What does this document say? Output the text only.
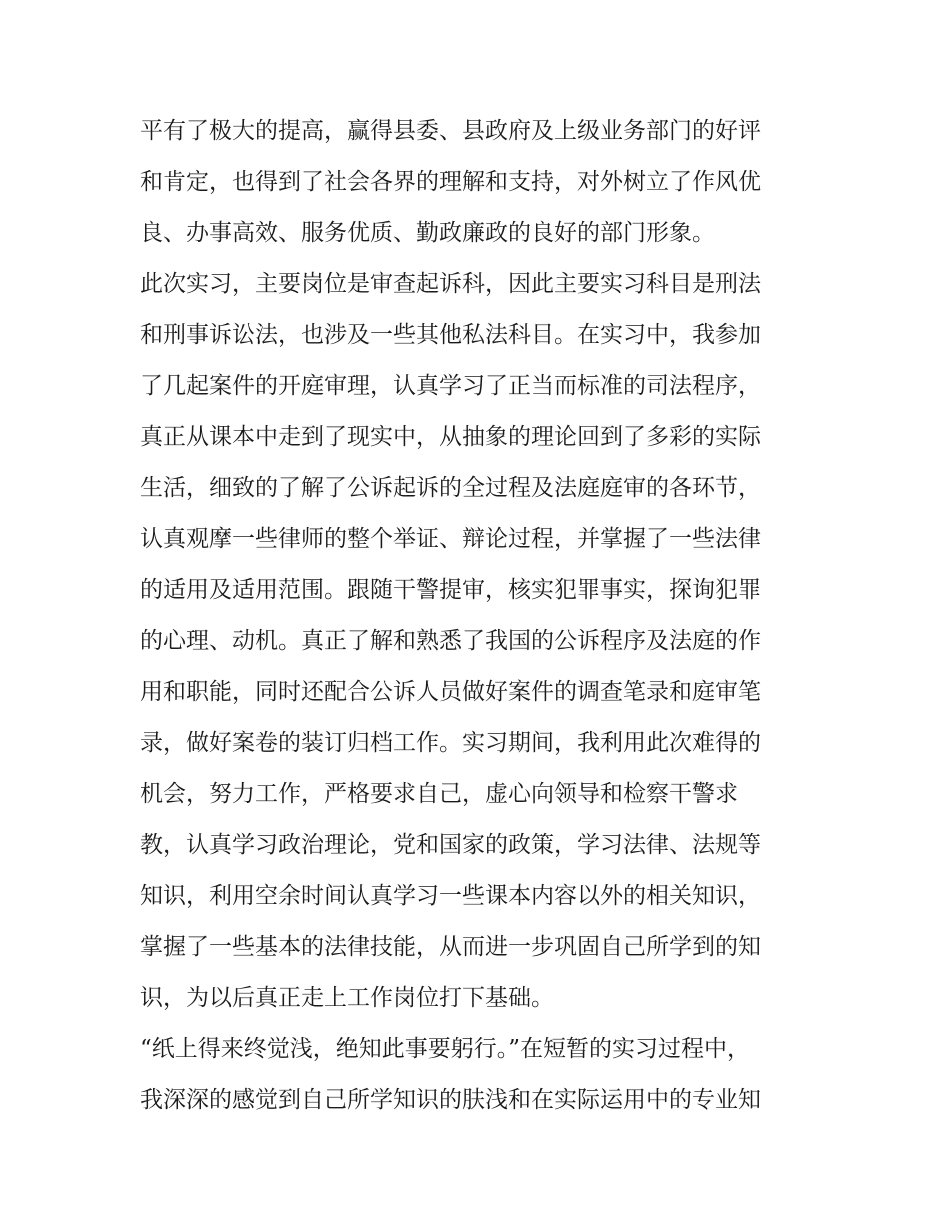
平有了极大的提高，赢得县委、县政府及上级业务部门的好评
和肯定，也得到了社会各界的理解和支持，对外树立了作风优
良、办事高效、服务优质、勤政廉政的良好的部门形象。
此次实习，主要岗位是审查起诉科，因此主要实习科目是刑法
和刑事诉讼法，也涉及一些其他私法科目。在实习中，我参加
了几起案件的开庭审理，认真学习了正当而标准的司法程序，
真正从课本中走到了现实中，从抽象的理论回到了多彩的实际
生活，细致的了解了公诉起诉的全过程及法庭庭审的各环节，
认真观摩一些律师的整个举证、辩论过程，并掌握了一些法律
的适用及适用范围。跟随干警提审，核实犯罪事实，探询犯罪
的心理、动机。真正了解和熟悉了我国的公诉程序及法庭的作
用和职能，同时还配合公诉人员做好案件的调查笔录和庭审笔
录，做好案卷的装订归档工作。实习期间，我利用此次难得的
机会，努力工作，严格要求自己，虚心向领导和检察干警求
教，认真学习政治理论，党和国家的政策，学习法律、法规等
知识，利用空余时间认真学习一些课本内容以外的相关知识，
掌握了一些基本的法律技能，从而进一步巩固自己所学到的知
识，为以后真正走上工作岗位打下基础。
“纸上得来终觉浅，绝知此事要躬行。”在短暂的实习过程中，
我深深的感觉到自己所学知识的肤浅和在实际运用中的专业知
